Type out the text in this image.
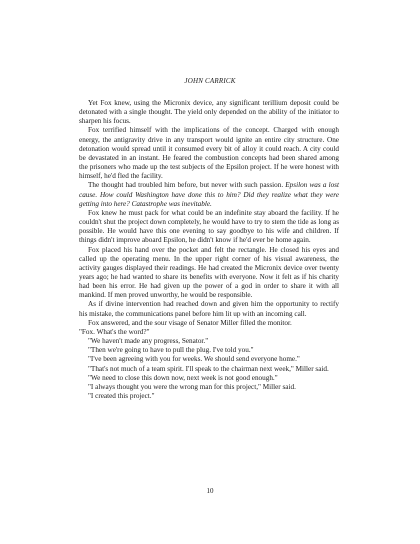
JOHN CARRICK

Yet Fox knew, using the Micronix device, any significant terillium deposit could be detonated with a single thought. The yield only depended on the ability of the initiator to sharpen his focus.

Fox terrified himself with the implications of the concept. Charged with enough energy, the antigravity drive in any transport would ignite an entire city structure. One detonation would spread until it consumed every bit of alloy it could reach. A city could be devastated in an instant. He feared the combustion concepts had been shared among the prisoners who made up the test subjects of the Epsilon project. If he were honest with himself, he'd fled the facility.

The thought had troubled him before, but never with such passion. Epsilon was a lost cause. How could Washington have done this to him? Did they realize what they were getting into here? Catastrophe was inevitable.

Fox knew he must pack for what could be an indefinite stay aboard the facility. If he couldn't shut the project down completely, he would have to try to stem the tide as long as possible. He would have this one evening to say goodbye to his wife and children. If things didn't improve aboard Epsilon, he didn't know if he'd ever be home again.

Fox placed his hand over the pocket and felt the rectangle. He closed his eyes and called up the operating menu. In the upper right corner of his visual awareness, the activity gauges displayed their readings. He had created the Micronix device over twenty years ago; he had wanted to share its benefits with everyone. Now it felt as if his charity had been his error. He had given up the power of a god in order to share it with all mankind. If men proved unworthy, he would be responsible.

As if divine intervention had reached down and given him the opportunity to rectify his mistake, the communications panel before him lit up with an incoming call.

Fox answered, and the sour visage of Senator Miller filled the monitor.

"Fox. What's the word?"

"We haven't made any progress, Senator."

"Then we're going to have to pull the plug. I've told you."

"I've been agreeing with you for weeks. We should send everyone home."

"That's not much of a team spirit. I'll speak to the chairman next week," Miller said.

"We need to close this down now, next week is not good enough."

"I always thought you were the wrong man for this project," Miller said.

"I created this project."

10
